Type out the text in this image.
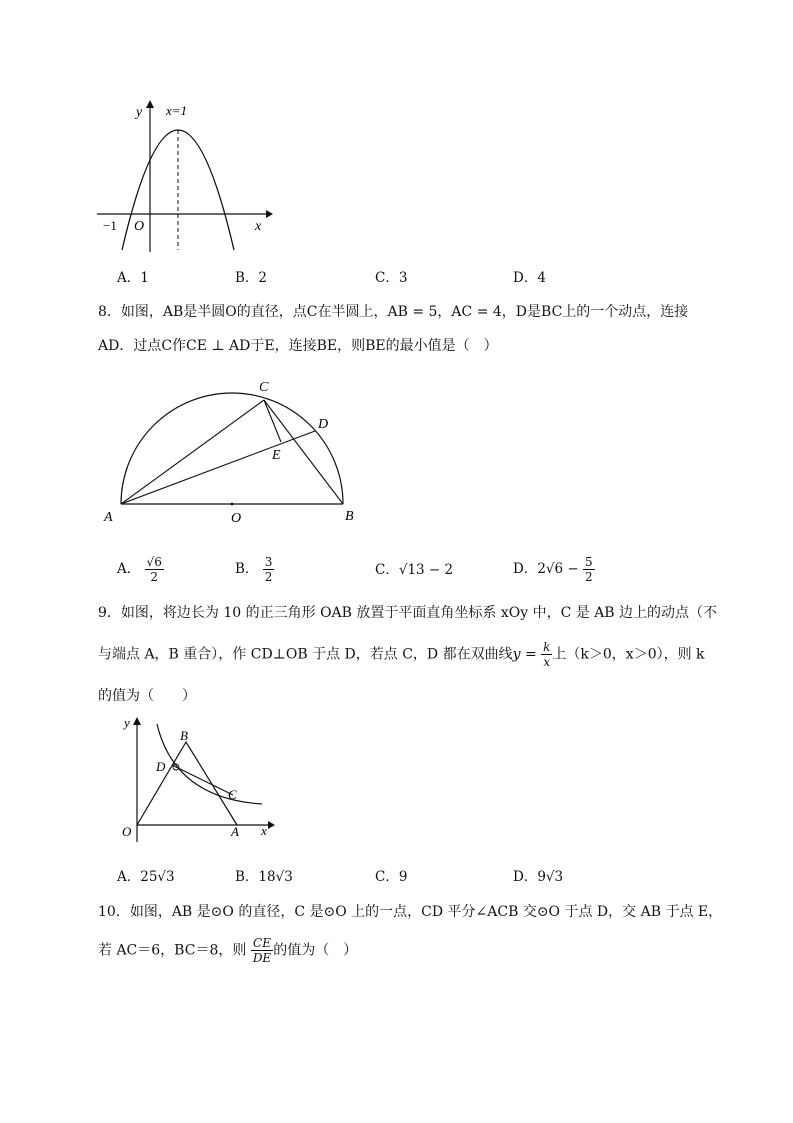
y x=1
x
O
−1
A．1	B．2	C．3	D．4
8．如图，AB是半圆O的直径，点C在半圆上，AB = 5，AC = 4，D是BC上的一个动点，连接
AD．过点C作CE ⊥ AD于E，连接BE，则BE的最小值是（　）
C
D
E
A	O	B
A． $\frac{√6}{2}$	B． $\frac{3}{2}$	C．√13 − 2	D．$2√6 - \frac{5}{2}$
9．如图，将边长为 10 的正三角形 OAB 放置于平面直角坐标系 xOy 中，C 是 AB 边上的动点（不
与端点 A，B 重合），作 CD⊥OB 于点 D，若点 C，D 都在双曲线$y = \frac{k}{x}$ 上（k＞0，x＞0），则 k
的值为（　　）
y
B
D
C
O	A x
A．25√3	B．18√3	C．9	D．9√3
10．如图，AB 是⊙O 的直径，C 是⊙O 上的一点，CD 平分∠ACB 交⊙O 于点 D，交 AB 于点 E，
若 AC＝6，BC＝8，则 $\frac{CE}{DE}$ 的值为（　）
